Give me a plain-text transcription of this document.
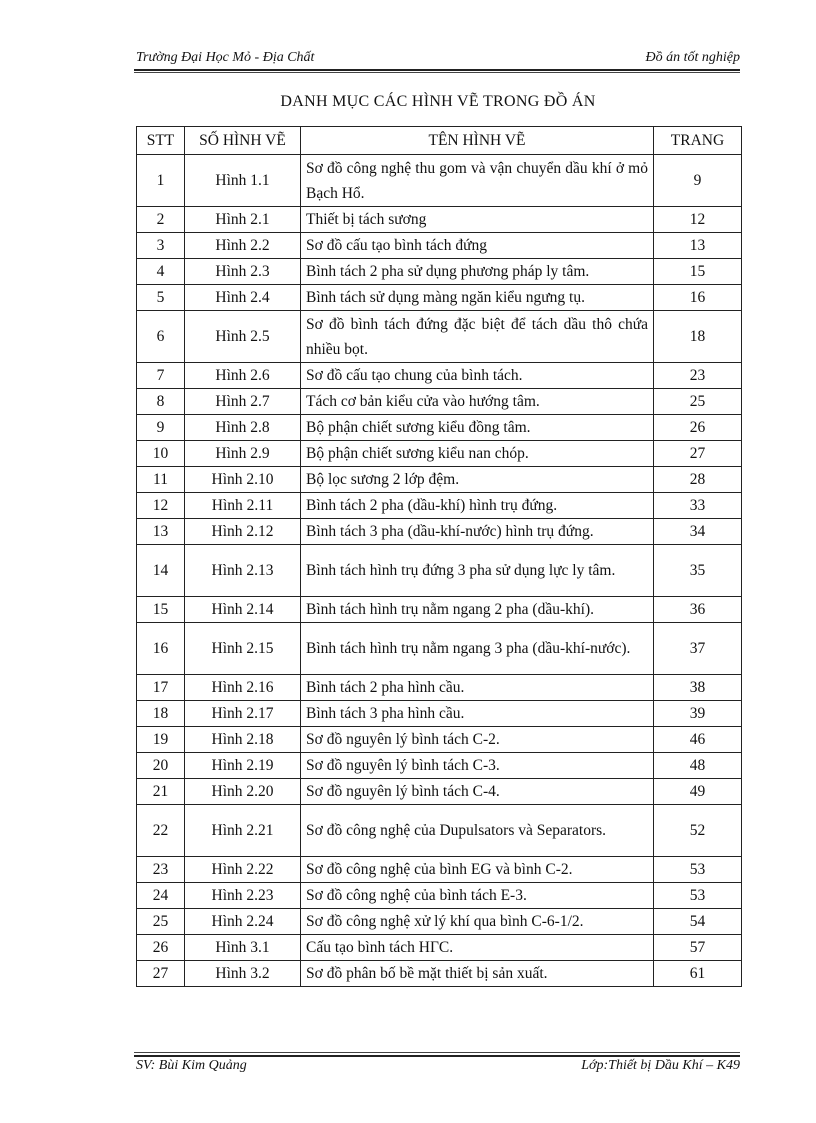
Trường Đại Học Mỏ - Địa Chất	Đồ án tốt nghiệp
DANH MỤC CÁC HÌNH VẼ TRONG ĐỒ ÁN
STT	SỐ HÌNH VẼ	TÊN HÌNH VẼ	TRANG
1	Hình 1.1	Sơ đồ công nghệ thu gom và vận chuyển dầu khí ở mỏ Bạch Hổ.	9
2	Hình 2.1	Thiết bị tách sương	12
3	Hình 2.2	Sơ đồ cấu tạo bình tách đứng	13
4	Hình 2.3	Bình tách 2 pha sử dụng phương pháp ly tâm.	15
5	Hình 2.4	Bình tách sử dụng màng ngăn kiểu ngưng tụ.	16
6	Hình 2.5	Sơ đồ bình tách đứng đặc biệt để tách dầu thô chứa nhiều bọt.	18
7	Hình 2.6	Sơ đồ cấu tạo chung của bình tách.	23
8	Hình 2.7	Tách cơ bản kiểu cửa vào hướng tâm.	25
9	Hình 2.8	Bộ phận chiết sương kiểu đồng tâm.	26
10	Hình 2.9	Bộ phận chiết sương kiểu nan chóp.	27
11	Hình 2.10	Bộ lọc sương 2 lớp đệm.	28
12	Hình 2.11	Bình tách 2 pha (dầu-khí) hình trụ đứng.	33
13	Hình 2.12	Bình tách 3 pha (dầu-khí-nước) hình trụ đứng.	34
14	Hình 2.13	Bình tách hình trụ đứng 3 pha sử dụng lực ly tâm.	35
15	Hình 2.14	Bình tách hình trụ nằm ngang 2 pha (dầu-khí).	36
16	Hình 2.15	Bình tách hình trụ nằm ngang 3 pha (dầu-khí-nước).	37
17	Hình 2.16	Bình tách 2 pha hình cầu.	38
18	Hình 2.17	Bình tách 3 pha hình cầu.	39
19	Hình 2.18	Sơ đồ nguyên lý bình tách C-2.	46
20	Hình 2.19	Sơ đồ nguyên lý bình tách C-3.	48
21	Hình 2.20	Sơ đồ nguyên lý bình tách C-4.	49
22	Hình 2.21	Sơ đồ công nghệ của Dupulsators và Separators.	52
23	Hình 2.22	Sơ đồ công nghệ của bình EG và bình C-2.	53
24	Hình 2.23	Sơ đồ công nghệ của bình tách E-3.	53
25	Hình 2.24	Sơ đồ công nghệ xử lý khí qua bình C-6-1/2.	54
26	Hình 3.1	Cấu tạo bình tách HГC.	57
27	Hình 3.2	Sơ đồ phân bố bề mặt thiết bị sản xuất.	61
SV: Bùi Kim Quảng	Lớp:Thiết bị Dầu Khí – K49
